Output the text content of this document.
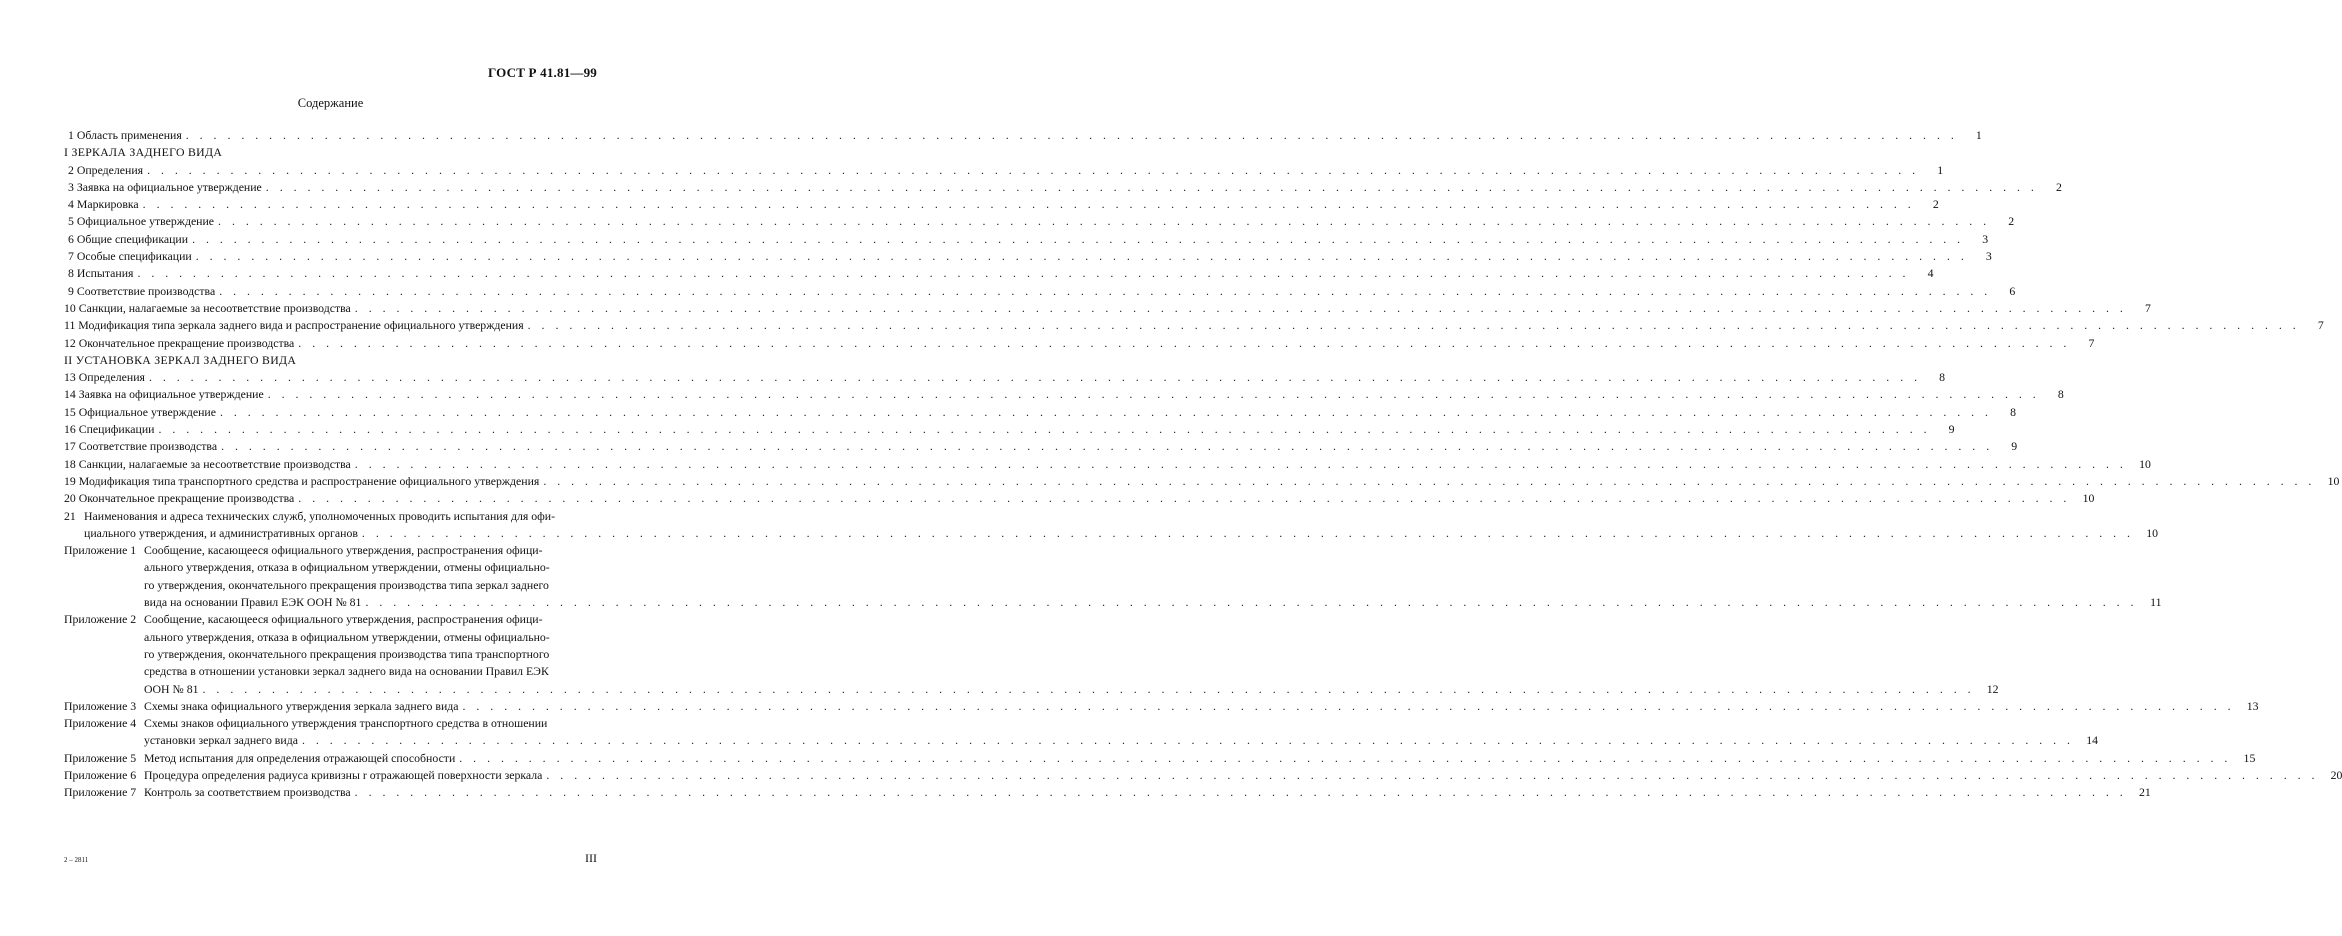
ГОСТ Р 41.81—99
Содержание
1 Область применения . . .	1
I ЗЕРКАЛА ЗАДНЕГО ВИДА
2 Определения . . .	1
3 Заявка на официальное утверждение . . .	2
4 Маркировка . . .	2
5 Официальное утверждение . . .	2
6 Общие спецификации . . .	3
7 Особые спецификации . . .	3
8 Испытания . . .	4
9 Соответствие производства . . .	6
10 Санкции, налагаемые за несоответствие производства . . .	7
11 Модификация типа зеркала заднего вида и распространение официального утверждения . . .	7
12 Окончательное прекращение производства . . .	7
II УСТАНОВКА ЗЕРКАЛ ЗАДНЕГО ВИДА
13 Определения . . .	8
14 Заявка на официальное утверждение . . .	8
15 Официальное утверждение . . .	8
16 Спецификации . . .	9
17 Соответствие производства . . .	9
18 Санкции, налагаемые за несоответствие производства . . .	10
19 Модификация типа транспортного средства и распространение официального утверждения . . .	10
20 Окончательное прекращение производства . . .	10
21 Наименования и адреса технических служб, уполномоченных проводить испытания для офи-
циального утверждения, и административных органов . . .	10
Приложение 1 Сообщение, касающееся официального утверждения, распространения офици-
ального утверждения, отказа в официальном утверждении, отмены официально-
го утверждения, окончательного прекращения производства типа зеркал заднего
вида на основании Правил ЕЭК ООН № 81 . . .	11
Приложение 2 Сообщение, касающееся официального утверждения, распространения офици-
ального утверждения, отказа в официальном утверждении, отмены официально-
го утверждения, окончательного прекращения производства типа транспортного
средства в отношении установки зеркал заднего вида на основании Правил ЕЭК
ООН № 81 . . .	12
Приложение 3 Схемы знака официального утверждения зеркала заднего вида . . .	13
Приложение 4 Схемы знаков официального утверждения транспортного средства в отношении
установки зеркал заднего вида . . .	14
Приложение 5 Метод испытания для определения отражающей способности . . .	15
Приложение 6 Процедура определения радиуса кривизны r отражающей поверхности зеркала . . .	20
Приложение 7 Контроль за соответствием производства . . .	21
2 – 2811	III
